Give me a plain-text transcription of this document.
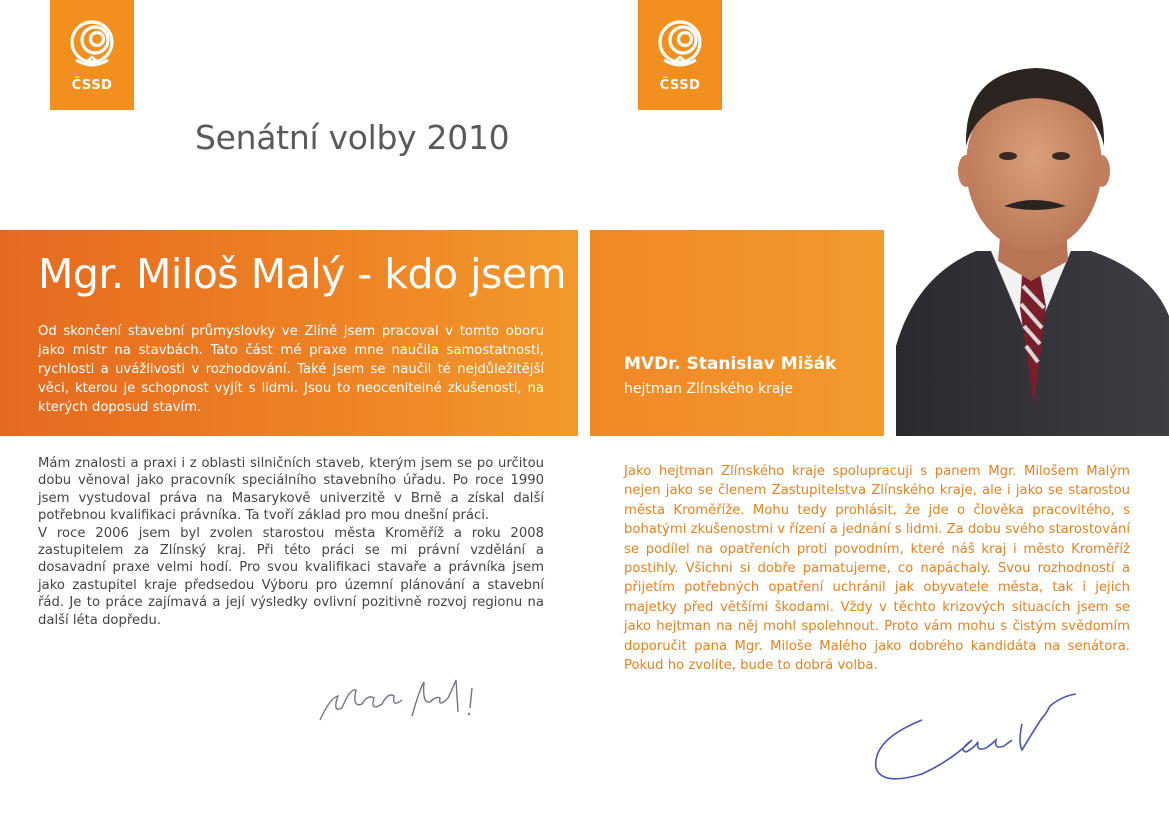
ČSSD	ČSSD
Senátní volby 2010
Mgr. Miloš Malý - kdo jsem
Od skončení stavební průmyslovky ve Zlíně jsem pracoval v tomto oboru jako mistr na stavbách. Tato část mé praxe mne naučila samostatnosti, rychlosti a uvážlivosti v rozhodování. Také jsem se naučil té nejdůležitější věci, kterou je schopnost vyjít s lidmi. Jsou to neocenitelné zkušenosti, na kterých doposud stavím.
MVDr. Stanislav Mišák
hejtman Zlínského kraje

Mám znalosti a praxi i z oblasti silničních staveb, kterým jsem se po určitou dobu věnoval jako pracovník speciálního stavebního úřadu. Po roce 1990 jsem vystudoval práva na Masarykově univerzitě v Brně a získal další potřebnou kvalifikaci právníka. Ta tvoří základ pro mou dnešní práci.

V roce 2006 jsem byl zvolen starostou města Kroměříž a roku 2008 zastupitelem za Zlínský kraj. Při této práci se mi právní vzdělání a dosavadní praxe velmi hodí. Pro svou kvalifikaci stavaře a právníka jsem jako zastupitel kraje předsedou Výboru pro územní plánování a stavební řád. Je to práce zajímavá a její výsledky ovlivní pozitivně rozvoj regionu na další léta dopředu.

Jako hejtman Zlínského kraje spolupracuji s panem Mgr. Milošem Malým nejen jako se členem Zastupitelstva Zlínského kraje, ale i jako se starostou města Kroměříže. Mohu tedy prohlásit, že jde o člověka pracovitého, s bohatými zkušenostmi v řízení a jednání s lidmi. Za dobu svého starostování se podílel na opatřeních proti povodním, které náš kraj i město Kroměříž postihly. Všichni si dobře pamatujeme, co napáchaly. Svou rozhodností a přijetím potřebných opatření uchránil jak obyvatele města, tak i jejich majetky před většími škodami. Vždy v těchto krizových situacích jsem se jako hejtman na něj mohl spolehnout. Proto vám mohu s čistým svědomím doporučit pana Mgr. Miloše Malého jako dobrého kandidáta na senátora. Pokud ho zvolíte, bude to dobrá volba.
